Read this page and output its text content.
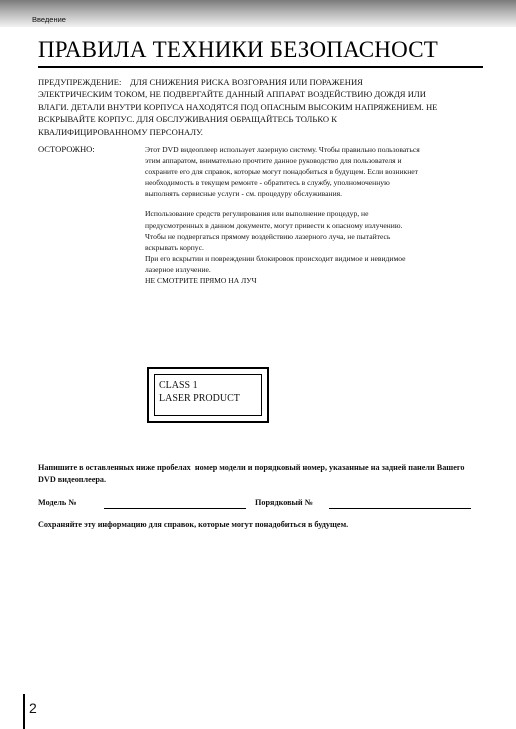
Введение
ПРАВИЛА ТЕХНИКИ БЕЗОПАСНОСТ
ПРЕДУПРЕЖДЕНИЕ:    ДЛЯ СНИЖЕНИЯ РИСКА ВОЗГОРАНИЯ ИЛИ ПОРАЖЕНИЯ
ЭЛЕКТРИЧЕСКИМ ТОКОМ, НЕ ПОДВЕРГАЙТЕ ДАННЫЙ АППАРАТ ВОЗДЕЙСТВИЮ ДОЖДЯ ИЛИ
ВЛАГИ. ДЕТАЛИ ВНУТРИ КОРПУСА НАХОДЯТСЯ ПОД ОПАСНЫМ ВЫСОКИМ НАПРЯЖЕНИЕМ. НЕ
ВСКРЫВАЙТЕ КОРПУС. ДЛЯ ОБСЛУЖИВАНИЯ ОБРАЩАЙТЕСЬ ТОЛЬКО К
КВАЛИФИЦИРОВАННОМУ ПЕРСОНАЛУ.
ОСТОРОЖНО:	Этот DVD видеоплеер использует лазерную систему. Чтобы правильно пользоваться

этим аппаратом, внимательно прочтите данное руководство для пользователя и

сохраните его для справок, которые могут понадобиться в будущем. Если возникнет

необходимость в текущем ремонте - обратитесь в службу, уполномоченную

выполнять сервисные услуги - см. процедуру обслуживания.

Использование средств регулирования или выполнение процедур, не

предусмотренных в данном документе, могут привести к опасному излучению.

Чтобы не подвергаться прямому воздействию лазерного луча, не пытайтесь

вскрывать корпус.

При его вскрытии и повреждении блокировок происходит видимое и невидимое

лазерное излучение.

НЕ СМОТРИТЕ ПРЯМО НА ЛУЧ

CLASS 1
LASER PRODUCT
Напишите в оставленных ниже пробелах  номер модели и порядковый номер, указанные на задней панели Вашего
DVD видеоплеера.
Модель №	Порядковый №
Сохраняйте эту информацию для справок, которые могут понадобиться в будущем.
2
